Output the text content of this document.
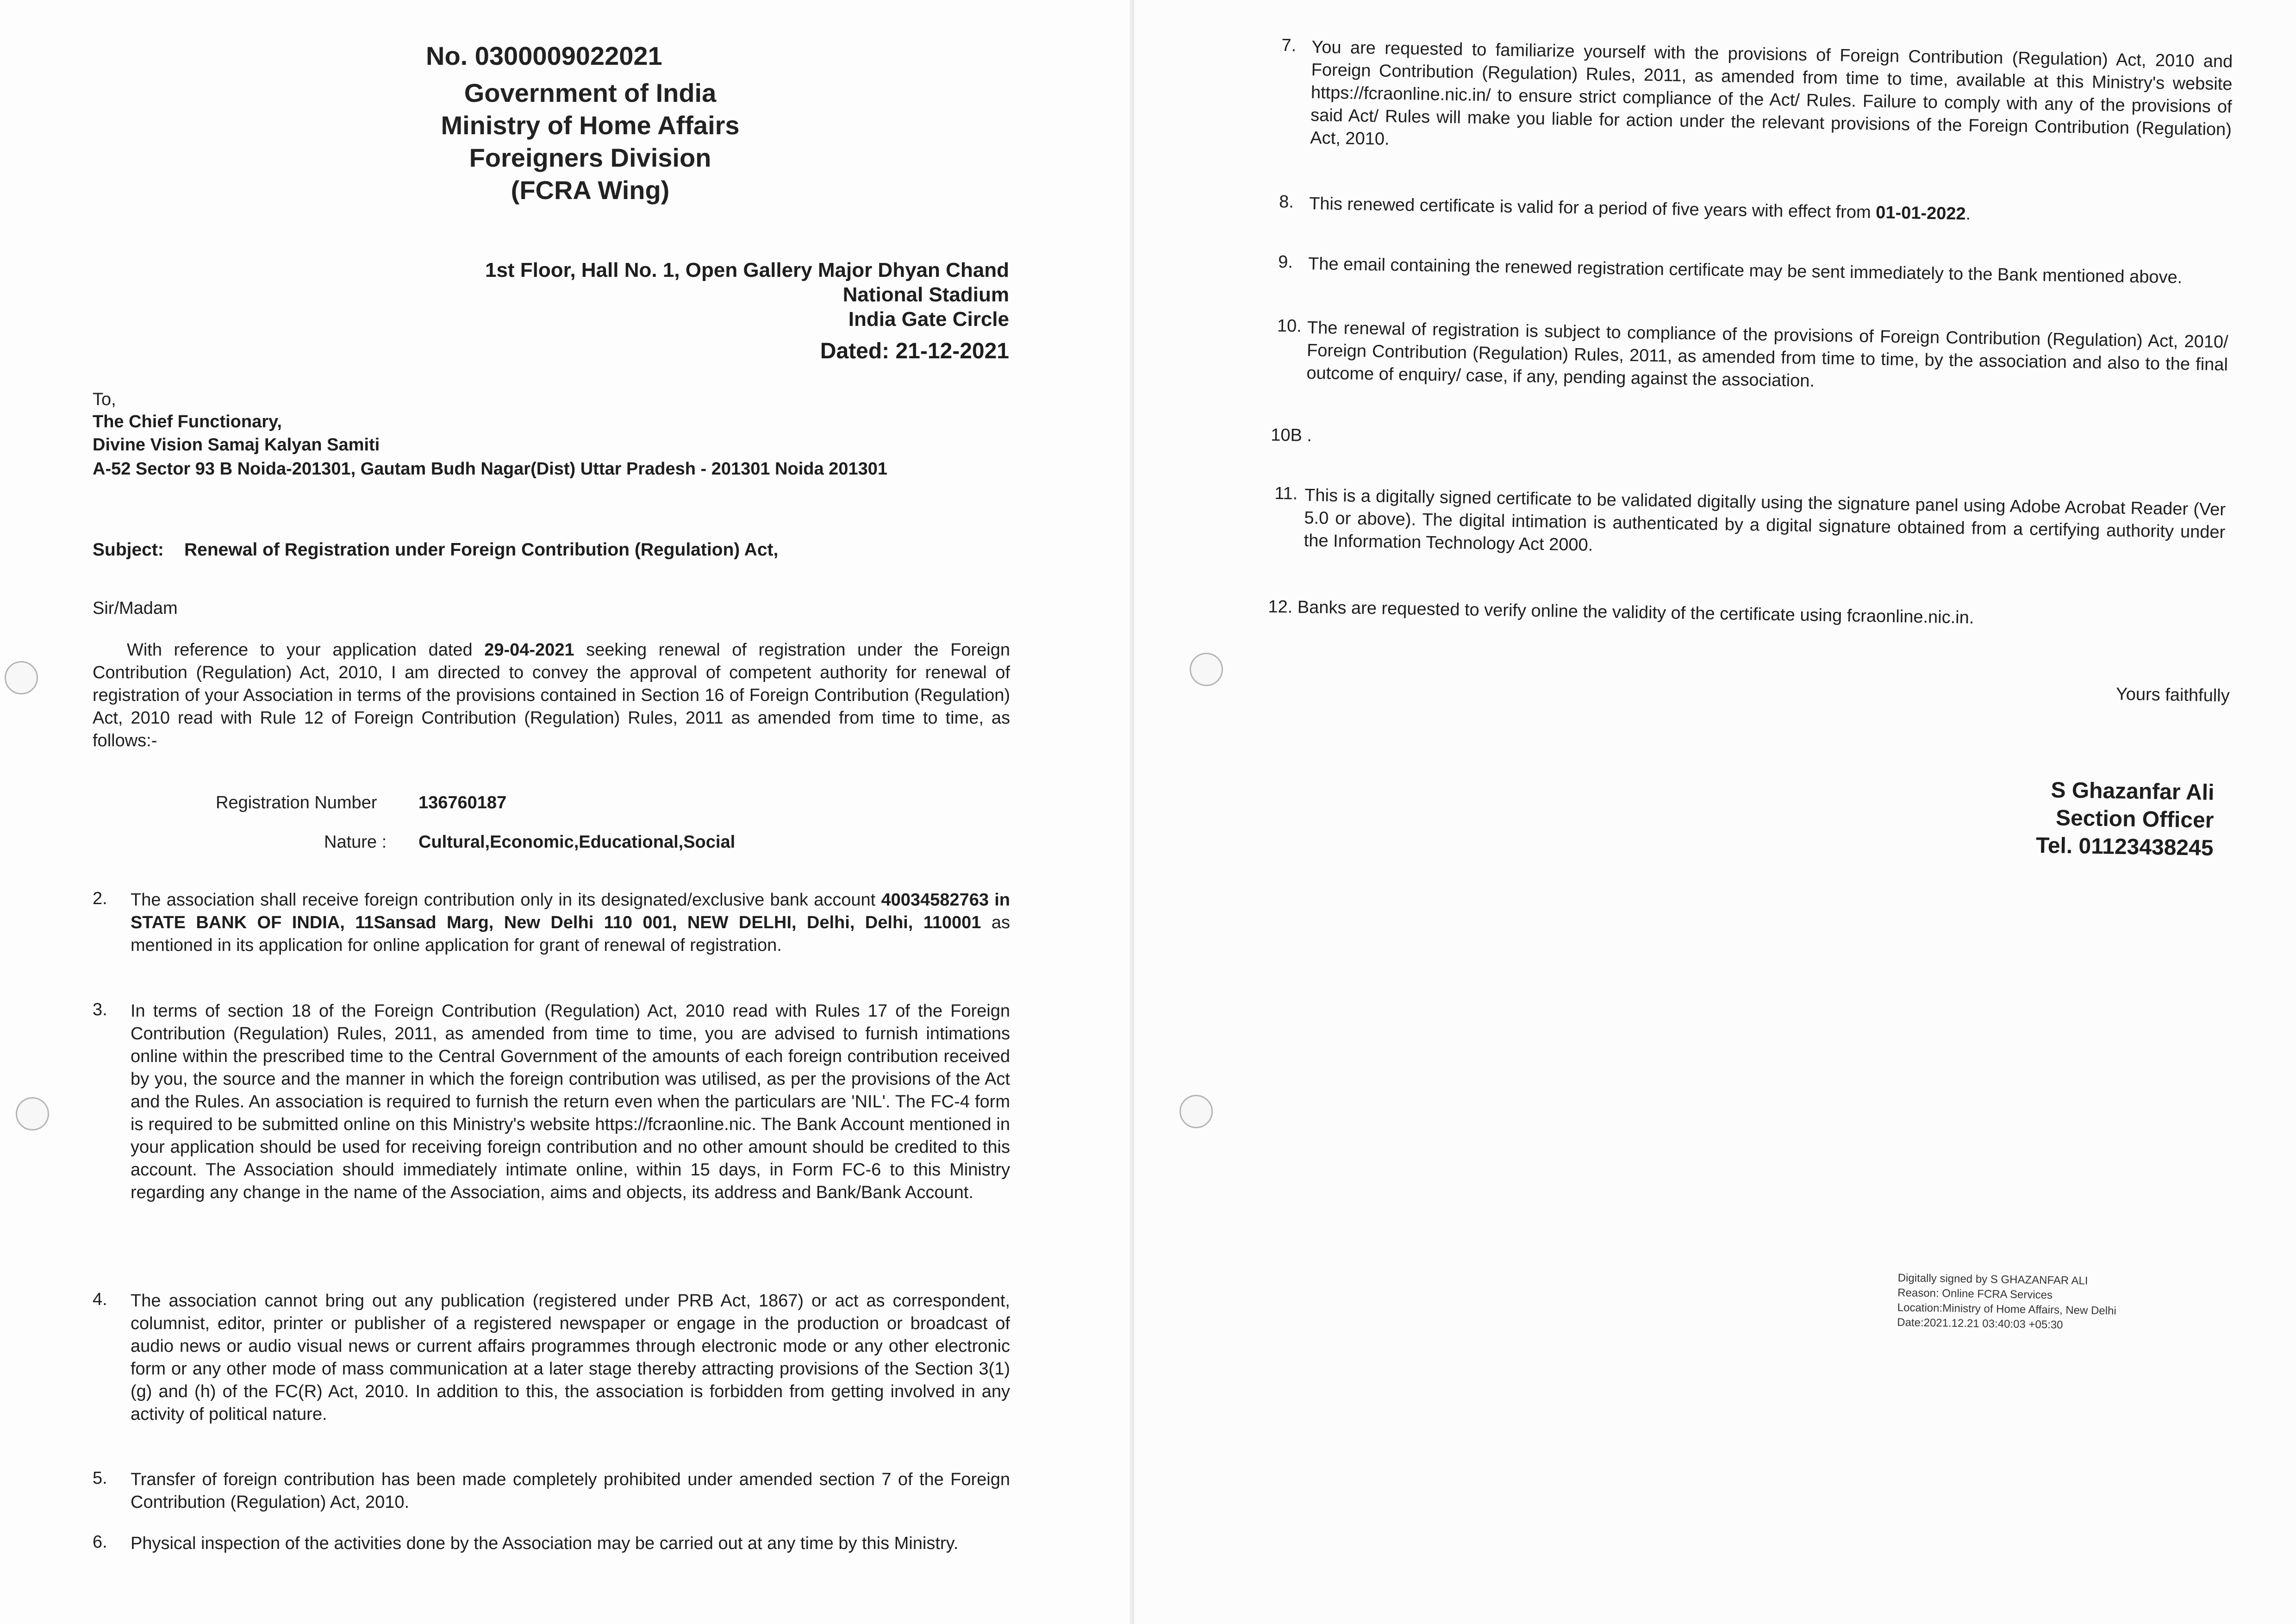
No. 0300009022021
Government of India
Ministry of Home Affairs
Foreigners Division
(FCRA Wing)
1st Floor, Hall No. 1, Open Gallery Major Dhyan Chand
National Stadium
India Gate Circle
Dated: 21-12-2021
To,
The Chief Functionary,
Divine Vision Samaj Kalyan Samiti
A-52 Sector 93 B Noida-201301, Gautam Budh Nagar(Dist) Uttar Pradesh - 201301 Noida 201301
Subject: Renewal of Registration under Foreign Contribution (Regulation) Act,
Sir/Madam
With reference to your application dated 29-04-2021 seeking renewal of registration under the Foreign Contribution (Regulation) Act, 2010, I am directed to convey the approval of competent authority for renewal of registration of your Association in terms of the provisions contained in Section 16 of Foreign Contribution (Regulation) Act, 2010 read with Rule 12 of Foreign Contribution (Regulation) Rules, 2011 as amended from time to time, as follows:-
Registration Number 136760187
Nature : Cultural,Economic,Educational,Social
2. The association shall receive foreign contribution only in its designated/exclusive bank account 40034582763 in STATE BANK OF INDIA, 11Sansad Marg, New Delhi 110 001, NEW DELHI, Delhi, Delhi, 110001 as mentioned in its application for online application for grant of renewal of registration.
3. In terms of section 18 of the Foreign Contribution (Regulation) Act, 2010 read with Rules 17 of the Foreign Contribution (Regulation) Rules, 2011, as amended from time to time, you are advised to furnish intimations online within the prescribed time to the Central Government of the amounts of each foreign contribution received by you, the source and the manner in which the foreign contribution was utilised, as per the provisions of the Act and the Rules. An association is required to furnish the return even when the particulars are 'NIL'. The FC-4 form is required to be submitted online on this Ministry's website https://fcraonline.nic. The Bank Account mentioned in your application should be used for receiving foreign contribution and no other amount should be credited to this account. The Association should immediately intimate online, within 15 days, in Form FC-6 to this Ministry regarding any change in the name of the Association, aims and objects, its address and Bank/Bank Account.
4. The association cannot bring out any publication (registered under PRB Act, 1867) or act as correspondent, columnist, editor, printer or publisher of a registered newspaper or engage in the production or broadcast of audio news or audio visual news or current affairs programmes through electronic mode or any other electronic form or any other mode of mass communication at a later stage thereby attracting provisions of the Section 3(1) (g) and (h) of the FC(R) Act, 2010. In addition to this, the association is forbidden from getting involved in any activity of political nature.
5. Transfer of foreign contribution has been made completely prohibited under amended section 7 of the Foreign Contribution (Regulation) Act, 2010.
6. Physical inspection of the activities done by the Association may be carried out at any time by this Ministry.
7. You are requested to familiarize yourself with the provisions of Foreign Contribution (Regulation) Act, 2010 and Foreign Contribution (Regulation) Rules, 2011, as amended from time to time, available at this Ministry's website https://fcraonline.nic.in/ to ensure strict compliance of the Act/ Rules. Failure to comply with any of the provisions of said Act/ Rules will make you liable for action under the relevant provisions of the Foreign Contribution (Regulation) Act, 2010.
8. This renewed certificate is valid for a period of five years with effect from 01-01-2022.
9. The email containing the renewed registration certificate may be sent immediately to the Bank mentioned above.
10. The renewal of registration is subject to compliance of the provisions of Foreign Contribution (Regulation) Act, 2010/ Foreign Contribution (Regulation) Rules, 2011, as amended from time to time, by the association and also to the final outcome of enquiry/ case, if any, pending against the association.
10B .
11. This is a digitally signed certificate to be validated digitally using the signature panel using Adobe Acrobat Reader (Ver 5.0 or above). The digital intimation is authenticated by a digital signature obtained from a certifying authority under the Information Technology Act 2000.
12. Banks are requested to verify online the validity of the certificate using fcraonline.nic.in.
Yours faithfully
S Ghazanfar Ali
Section Officer
Tel. 01123438245
Digitally signed by S GHAZANFAR ALI
Reason: Online FCRA Services
Location:Ministry of Home Affairs, New Delhi
Date:2021.12.21 03:40:03 +05:30
